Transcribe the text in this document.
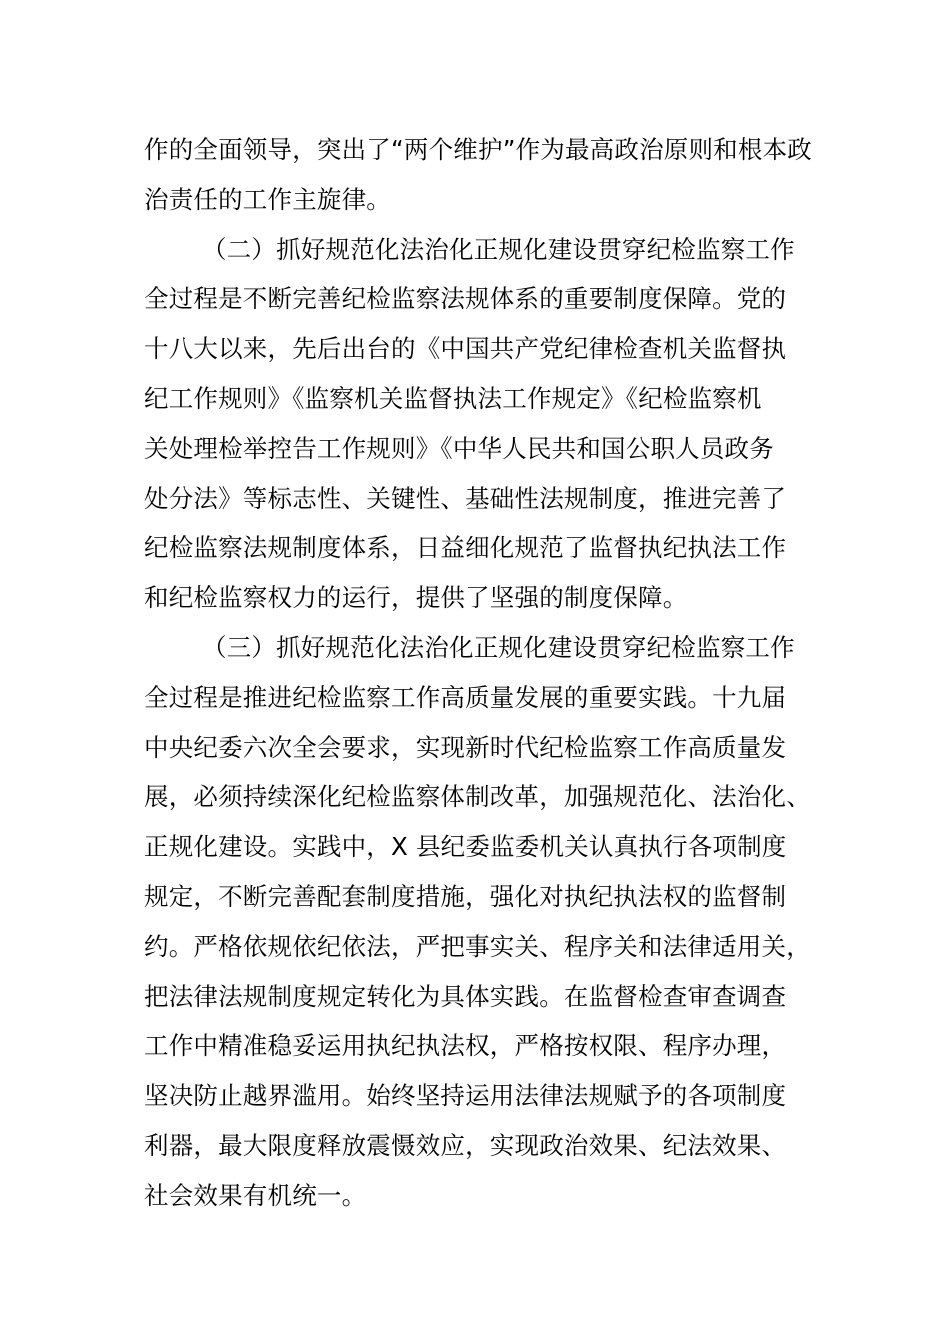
作的全面领导，突出了“两个维护”作为最高政治原则和根本政
治责任的工作主旋律。
（二）抓好规范化法治化正规化建设贯穿纪检监察工作
全过程是不断完善纪检监察法规体系的重要制度保障。党的
十八大以来，先后出台的《中国共产党纪律检查机关监督执
纪工作规则》《监察机关监督执法工作规定》《纪检监察机
关处理检举控告工作规则》《中华人民共和国公职人员政务
处分法》等标志性、关键性、基础性法规制度，推进完善了
纪检监察法规制度体系，日益细化规范了监督执纪执法工作
和纪检监察权力的运行，提供了坚强的制度保障。
（三）抓好规范化法治化正规化建设贯穿纪检监察工作
全过程是推进纪检监察工作高质量发展的重要实践。十九届
中央纪委六次全会要求，实现新时代纪检监察工作高质量发
展，必须持续深化纪检监察体制改革，加强规范化、法治化、
正规化建设。实践中，X 县纪委监委机关认真执行各项制度
规定，不断完善配套制度措施，强化对执纪执法权的监督制
约。严格依规依纪依法，严把事实关、程序关和法律适用关，
把法律法规制度规定转化为具体实践。在监督检查审查调查
工作中精准稳妥运用执纪执法权，严格按权限、程序办理，
坚决防止越界滥用。始终坚持运用法律法规赋予的各项制度
利器，最大限度释放震慑效应，实现政治效果、纪法效果、
社会效果有机统一。
